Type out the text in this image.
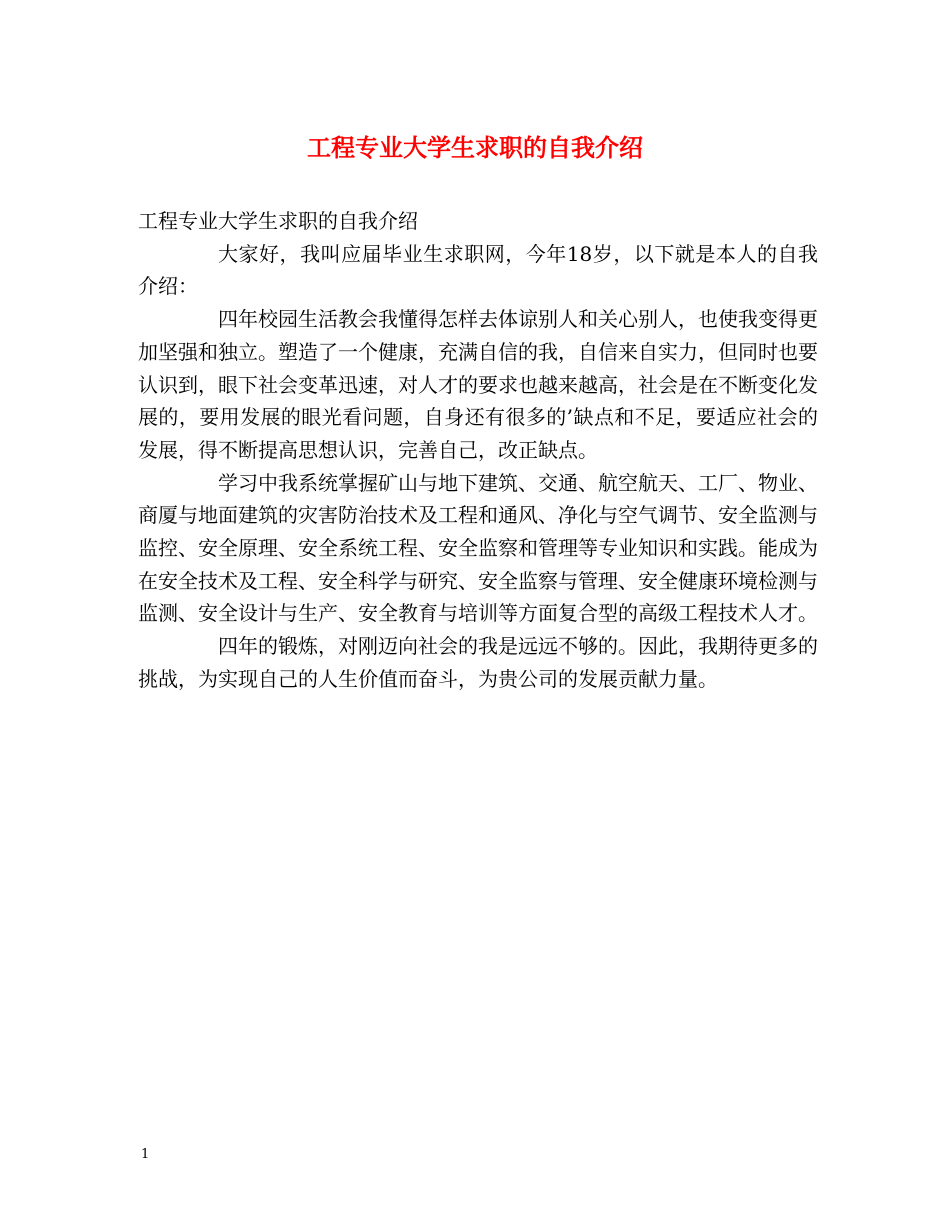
工程专业大学生求职的自我介绍

工程专业大学生求职的自我介绍

大家好，我叫应届毕业生求职网，今年18岁，以下就是本人的自我介绍：

四年校园生活教会我懂得怎样去体谅别人和关心别人，也使我变得更加坚强和独立。塑造了一个健康，充满自信的我，自信来自实力，但同时也要认识到，眼下社会变革迅速，对人才的要求也越来越高，社会是在不断变化发展的，要用发展的眼光看问题，自身还有很多的’缺点和不足，要适应社会的发展，得不断提高思想认识，完善自己，改正缺点。

学习中我系统掌握矿山与地下建筑、交通、航空航天、工厂、物业、商厦与地面建筑的灾害防治技术及工程和通风、净化与空气调节、安全监测与监控、安全原理、安全系统工程、安全监察和管理等专业知识和实践。能成为在安全技术及工程、安全科学与研究、安全监察与管理、安全健康环境检测与监测、安全设计与生产、安全教育与培训等方面复合型的高级工程技术人才。

四年的锻炼，对刚迈向社会的我是远远不够的。因此，我期待更多的挑战，为实现自己的人生价值而奋斗，为贵公司的发展贡献力量。

1
